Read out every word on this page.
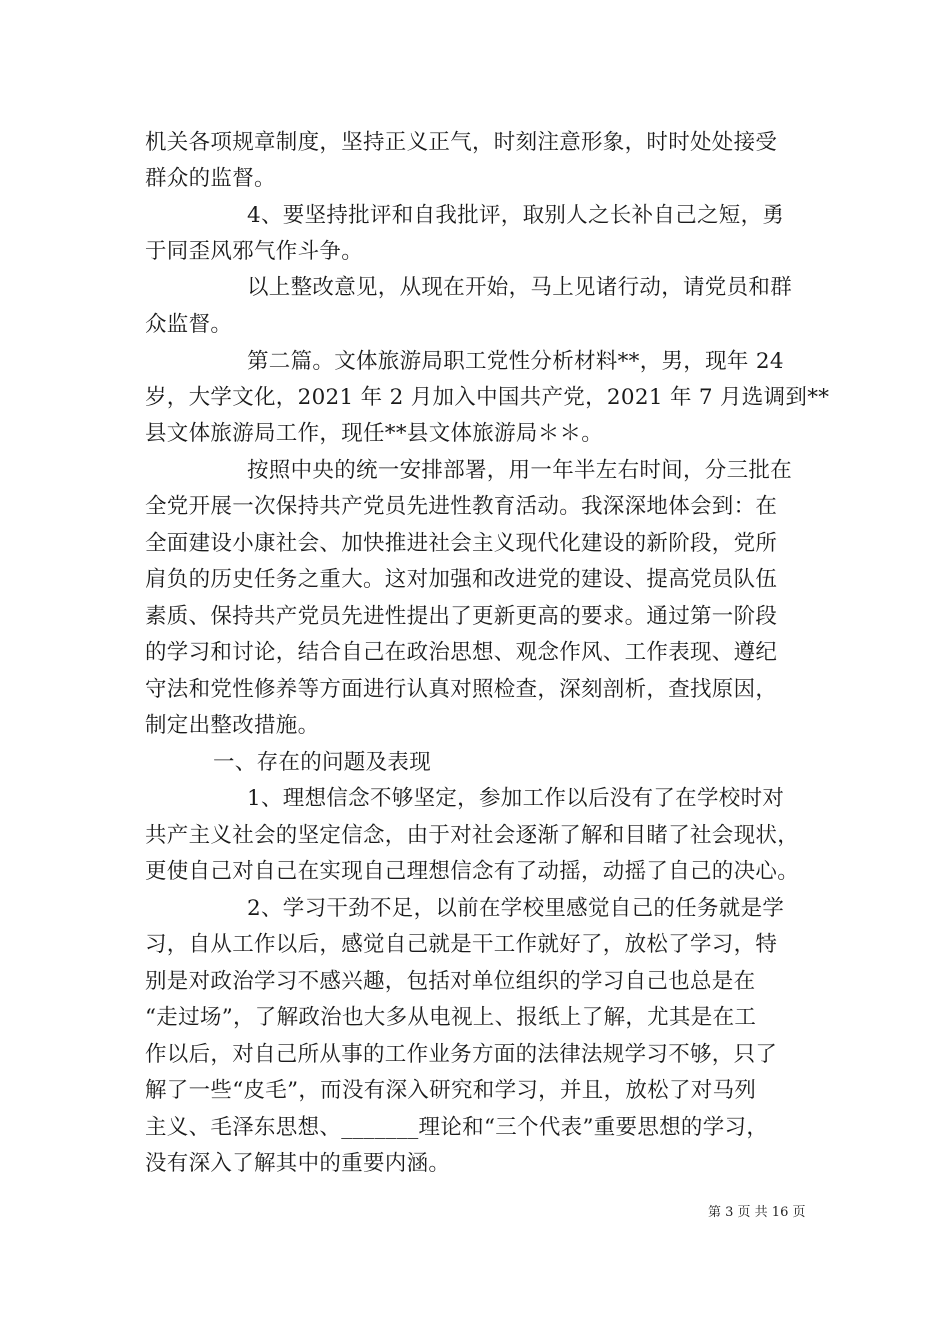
机关各项规章制度，坚持正义正气，时刻注意形象，时时处处接受
群众的监督。
4、要坚持批评和自我批评，取别人之长补自己之短，勇
于同歪风邪气作斗争。
以上整改意见，从现在开始，马上见诸行动，请党员和群
众监督。
第二篇。文体旅游局职工党性分析材料**，男，现年 24
岁，大学文化，2021 年 2 月加入中国共产党，2021 年 7 月选调到**
县文体旅游局工作，现任**县文体旅游局＊＊。
按照中央的统一安排部署，用一年半左右时间，分三批在
全党开展一次保持共产党员先进性教育活动。我深深地体会到：在
全面建设小康社会、加快推进社会主义现代化建设的新阶段，党所
肩负的历史任务之重大。这对加强和改进党的建设、提高党员队伍
素质、保持共产党员先进性提出了更新更高的要求。通过第一阶段
的学习和讨论，结合自己在政治思想、观念作风、工作表现、遵纪
守法和党性修养等方面进行认真对照检查，深刻剖析，查找原因，
制定出整改措施。
一、存在的问题及表现
1、理想信念不够坚定，参加工作以后没有了在学校时对
共产主义社会的坚定信念，由于对社会逐渐了解和目睹了社会现状，
更使自己对自己在实现自己理想信念有了动摇，动摇了自己的决心。
2、学习干劲不足，以前在学校里感觉自己的任务就是学
习，自从工作以后，感觉自己就是干工作就好了，放松了学习，特
别是对政治学习不感兴趣，包括对单位组织的学习自己也总是在
“走过场”，了解政治也大多从电视上、报纸上了解，尤其是在工
作以后，对自己所从事的工作业务方面的法律法规学习不够，只了
解了一些“皮毛”，而没有深入研究和学习，并且，放松了对马列
主义、毛泽东思想、_______理论和“三个代表”重要思想的学习，
没有深入了解其中的重要内涵。
第 3 页 共 16 页
